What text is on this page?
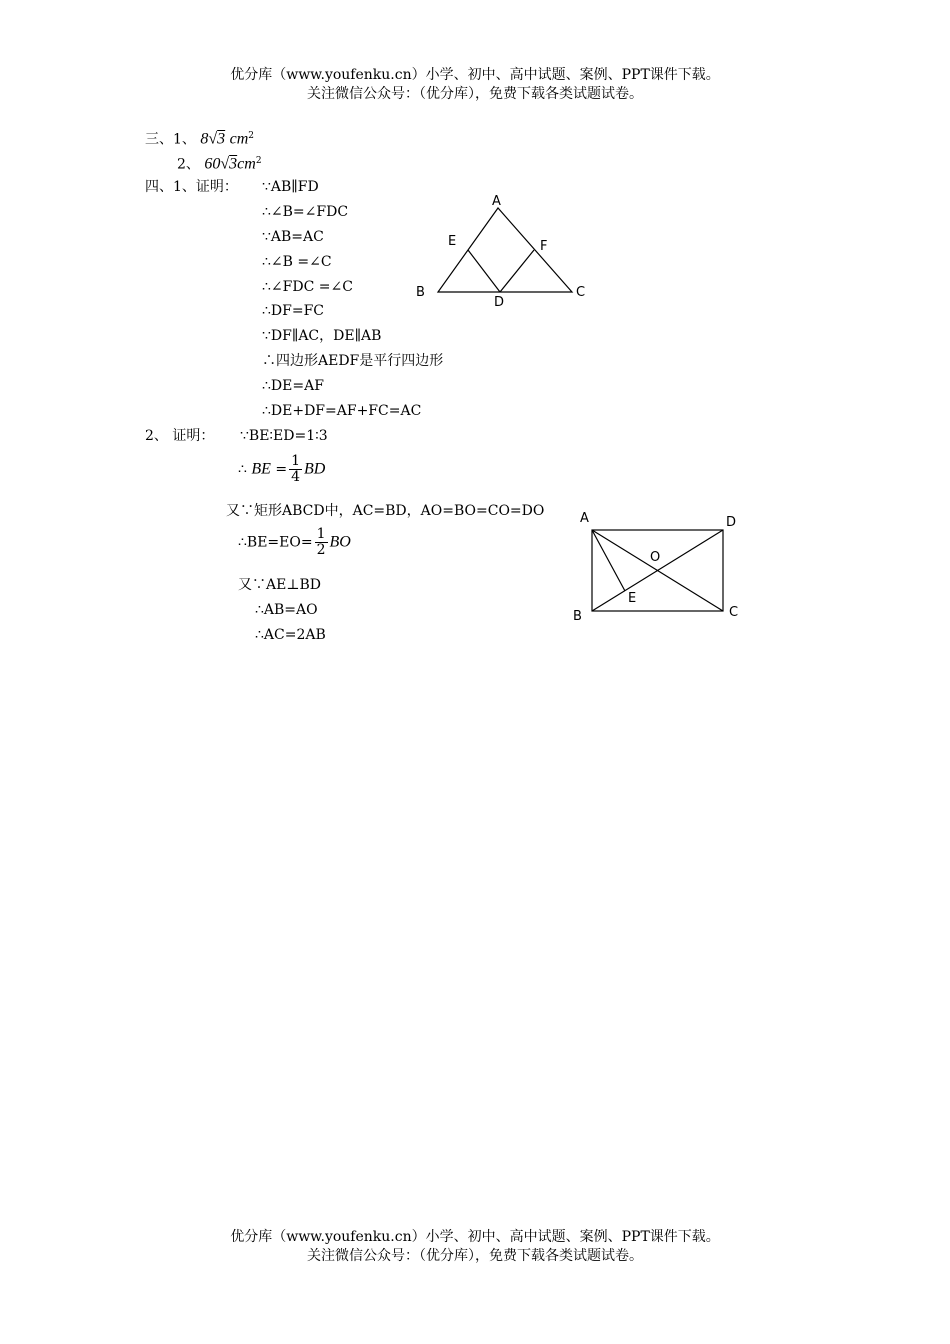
优分库（www.youfenku.cn）小学、初中、高中试题、案例、PPT课件下载。
关注微信公众号：（优分库），免费下载各类试题试卷。
三、1、 8√3 $cm^2$
2、 $60√3cm^2$
四、1、证明： ∵AB∥FD
∴∠B=∠FDC
∵AB=AC
∴∠B =∠C
∴∠FDC =∠C
∴DF=FC
∵DF∥AC，DE∥AB
∴四边形AEDF是平行四边形
∴DE=AF
∴DE+DF=AF+FC=AC
A
E	F
B
D
C
2、 证明： ∵BE∶ED=1∶3
∴ BE = $\frac{1}{4}$ BD
又∵矩形ABCD中，AC=BD，AO=BO=CO=DO
∴BE=EO= $\frac{1}{2}$ BO
又∵AE⊥BD
∴AB=AO
∴AC=2AB
A	D
O
E
B	C
优分库（www.youfenku.cn）小学、初中、高中试题、案例、PPT课件下载。
关注微信公众号：（优分库），免费下载各类试题试卷。
